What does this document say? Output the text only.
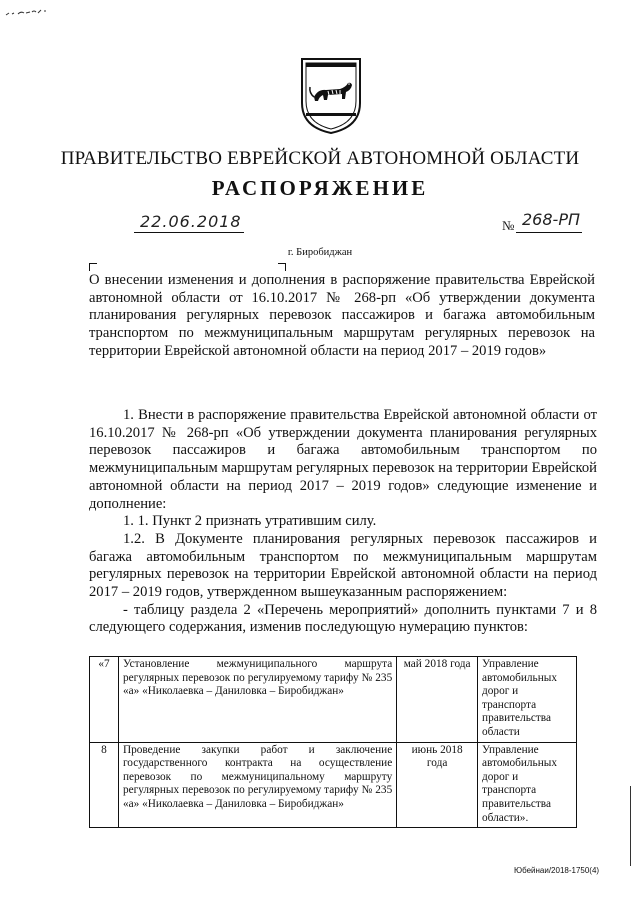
ПРАВИТЕЛЬСТВО ЕВРЕЙСКОЙ АВТОНОМНОЙ ОБЛАСТИ
РАСПОРЯЖЕНИЕ
22.06.2018	№ 268-РП
г. Биробиджан
О внесении изменения и дополнения в распоряжение правительства Еврейской автономной области от 16.10.2017 № 268-рп «Об утверждении документа планирования регулярных перевозок пассажиров и багажа автомобильным транспортом по межмуниципальным маршрутам регулярных перевозок на территории Еврейской автономной области на период 2017 – 2019 годов»

1. Внести в распоряжение правительства Еврейской автономной области от 16.10.2017 № 268-рп «Об утверждении документа планирования регулярных перевозок пассажиров и багажа автомобильным транспортом по межмуниципальным маршрутам регулярных перевозок на территории Еврейской автономной области на период 2017 – 2019 годов» следующие изменение и дополнение:

1. 1. Пункт 2 признать утратившим силу.

1.2. В Документе планирования регулярных перевозок пассажиров и багажа автомобильным транспортом по межмуниципальным маршрутам регулярных перевозок на территории Еврейской автономной области на период 2017 – 2019 годов, утвержденном вышеуказанным распоряжением:

- таблицу раздела 2 «Перечень мероприятий» дополнить пунктами 7 и 8 следующего содержания, изменив последующую нумерацию пунктов:

«7	Установление межмуниципального маршрута регулярных перевозок по регулируемому тарифу № 235 «а» «Николаевка – Даниловка – Биробиджан»	май 2018 года	Управление автомобильных дорог и транспорта правительства области
8	Проведение закупки работ и заключение государственного контракта на осуществление перевозок по межмуниципальному маршруту регулярных перевозок по регулируемому тарифу № 235 «а» «Николаевка – Даниловка – Биробиджан»	июнь 2018 года	Управление автомобильных дорог и транспорта правительства области».
Юбейнаи/2018-1750(4)
